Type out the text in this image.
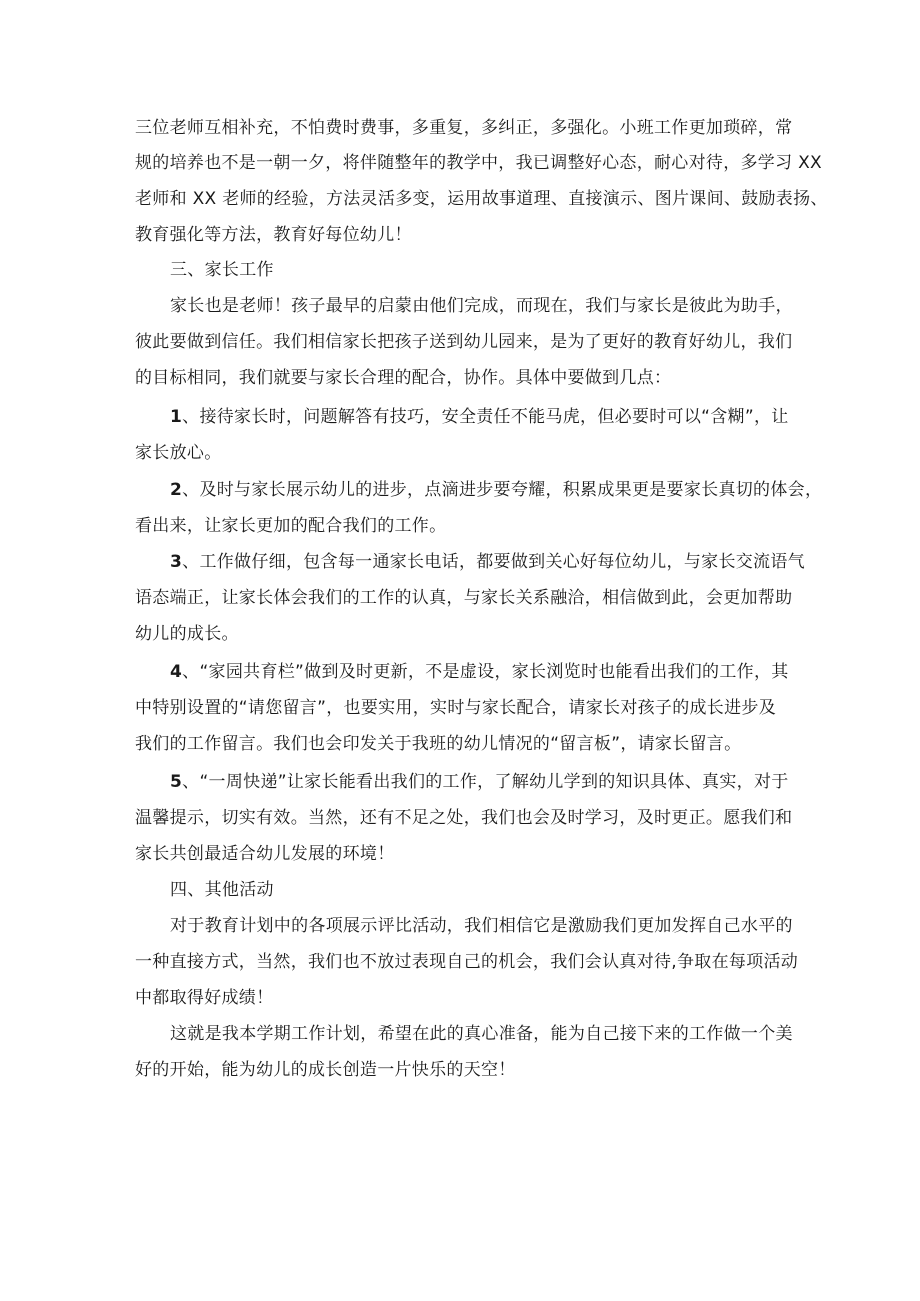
三位老师互相补充，不怕费时费事，多重复，多纠正，多强化。小班工作更加琐碎，常
规的培养也不是一朝一夕，将伴随整年的教学中，我已调整好心态，耐心对待，多学习 XX
老师和 XX 老师的经验，方法灵活多变，运用故事道理、直接演示、图片课间、鼓励表扬、
教育强化等方法，教育好每位幼儿！
三、家长工作
家长也是老师！孩子最早的启蒙由他们完成，而现在，我们与家长是彼此为助手，
彼此要做到信任。我们相信家长把孩子送到幼儿园来，是为了更好的教育好幼儿，我们
的目标相同，我们就要与家长合理的配合，协作。具体中要做到几点：
1、接待家长时，问题解答有技巧，安全责任不能马虎，但必要时可以“含糊”，让
家长放心。
2、及时与家长展示幼儿的进步，点滴进步要夸耀，积累成果更是要家长真切的体会，
看出来，让家长更加的配合我们的工作。
3、工作做仔细，包含每一通家长电话，都要做到关心好每位幼儿，与家长交流语气
语态端正，让家长体会我们的工作的认真，与家长关系融洽，相信做到此，会更加帮助
幼儿的成长。
4、“家园共育栏”做到及时更新，不是虚设，家长浏览时也能看出我们的工作，其
中特别设置的“请您留言”，也要实用，实时与家长配合，请家长对孩子的成长进步及
我们的工作留言。我们也会印发关于我班的幼儿情况的“留言板”，请家长留言。
5、“一周快递”让家长能看出我们的工作，了解幼儿学到的知识具体、真实，对于
温馨提示，切实有效。当然，还有不足之处，我们也会及时学习，及时更正。愿我们和
家长共创最适合幼儿发展的环境！
四、其他活动
对于教育计划中的各项展示评比活动，我们相信它是激励我们更加发挥自己水平的
一种直接方式，当然，我们也不放过表现自己的机会，我们会认真对待,争取在每项活动
中都取得好成绩！
这就是我本学期工作计划，希望在此的真心准备，能为自己接下来的工作做一个美
好的开始，能为幼儿的成长创造一片快乐的天空！
